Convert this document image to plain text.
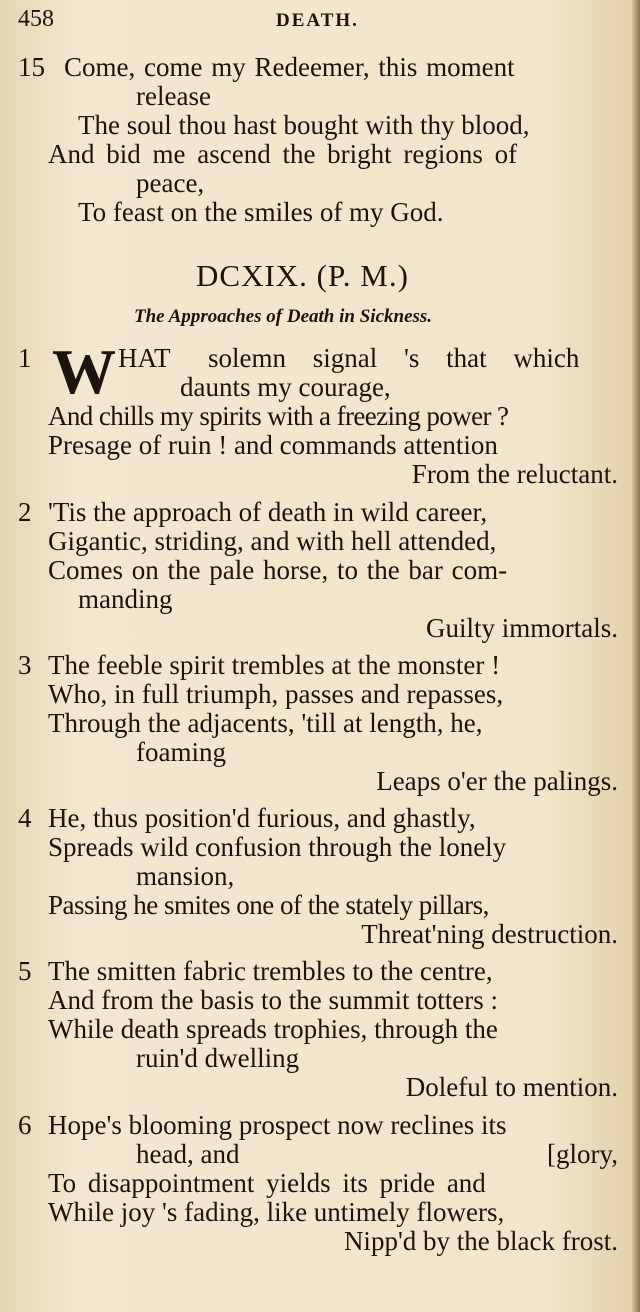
458	DEATH.
15 Come, come my Redeemer, this moment
release
The soul thou hast bought with thy blood,
And bid me ascend the bright regions of
peace,
To feast on the smiles of my God.
DCXIX. (P. M.)
The Approaches of Death in Sickness.
1 W HAT solemn signal 's that which
daunts my courage,
And chills my spirits with a freezing power ?
Presage of ruin ! and commands attention
From the reluctant.
2 'Tis the approach of death in wild career,
Gigantic, striding, and with hell attended,
Comes on the pale horse, to the bar com-
manding
Guilty immortals.
3 The feeble spirit trembles at the monster !
Who, in full triumph, passes and repasses,
Through the adjacents, 'till at length, he,
foaming
Leaps o'er the palings.
4 He, thus position'd furious, and ghastly,
Spreads wild confusion through the lonely
mansion,
Passing he smites one of the stately pillars,
Threat'ning destruction.
5 The smitten fabric trembles to the centre,
And from the basis to the summit totters :
While death spreads trophies, through the
ruin'd dwelling
Doleful to mention.
6 Hope's blooming prospect now reclines its
head, and	[glory,
To disappointment yields its pride and
While joy 's fading, like untimely flowers,
Nipp'd by the black frost.
